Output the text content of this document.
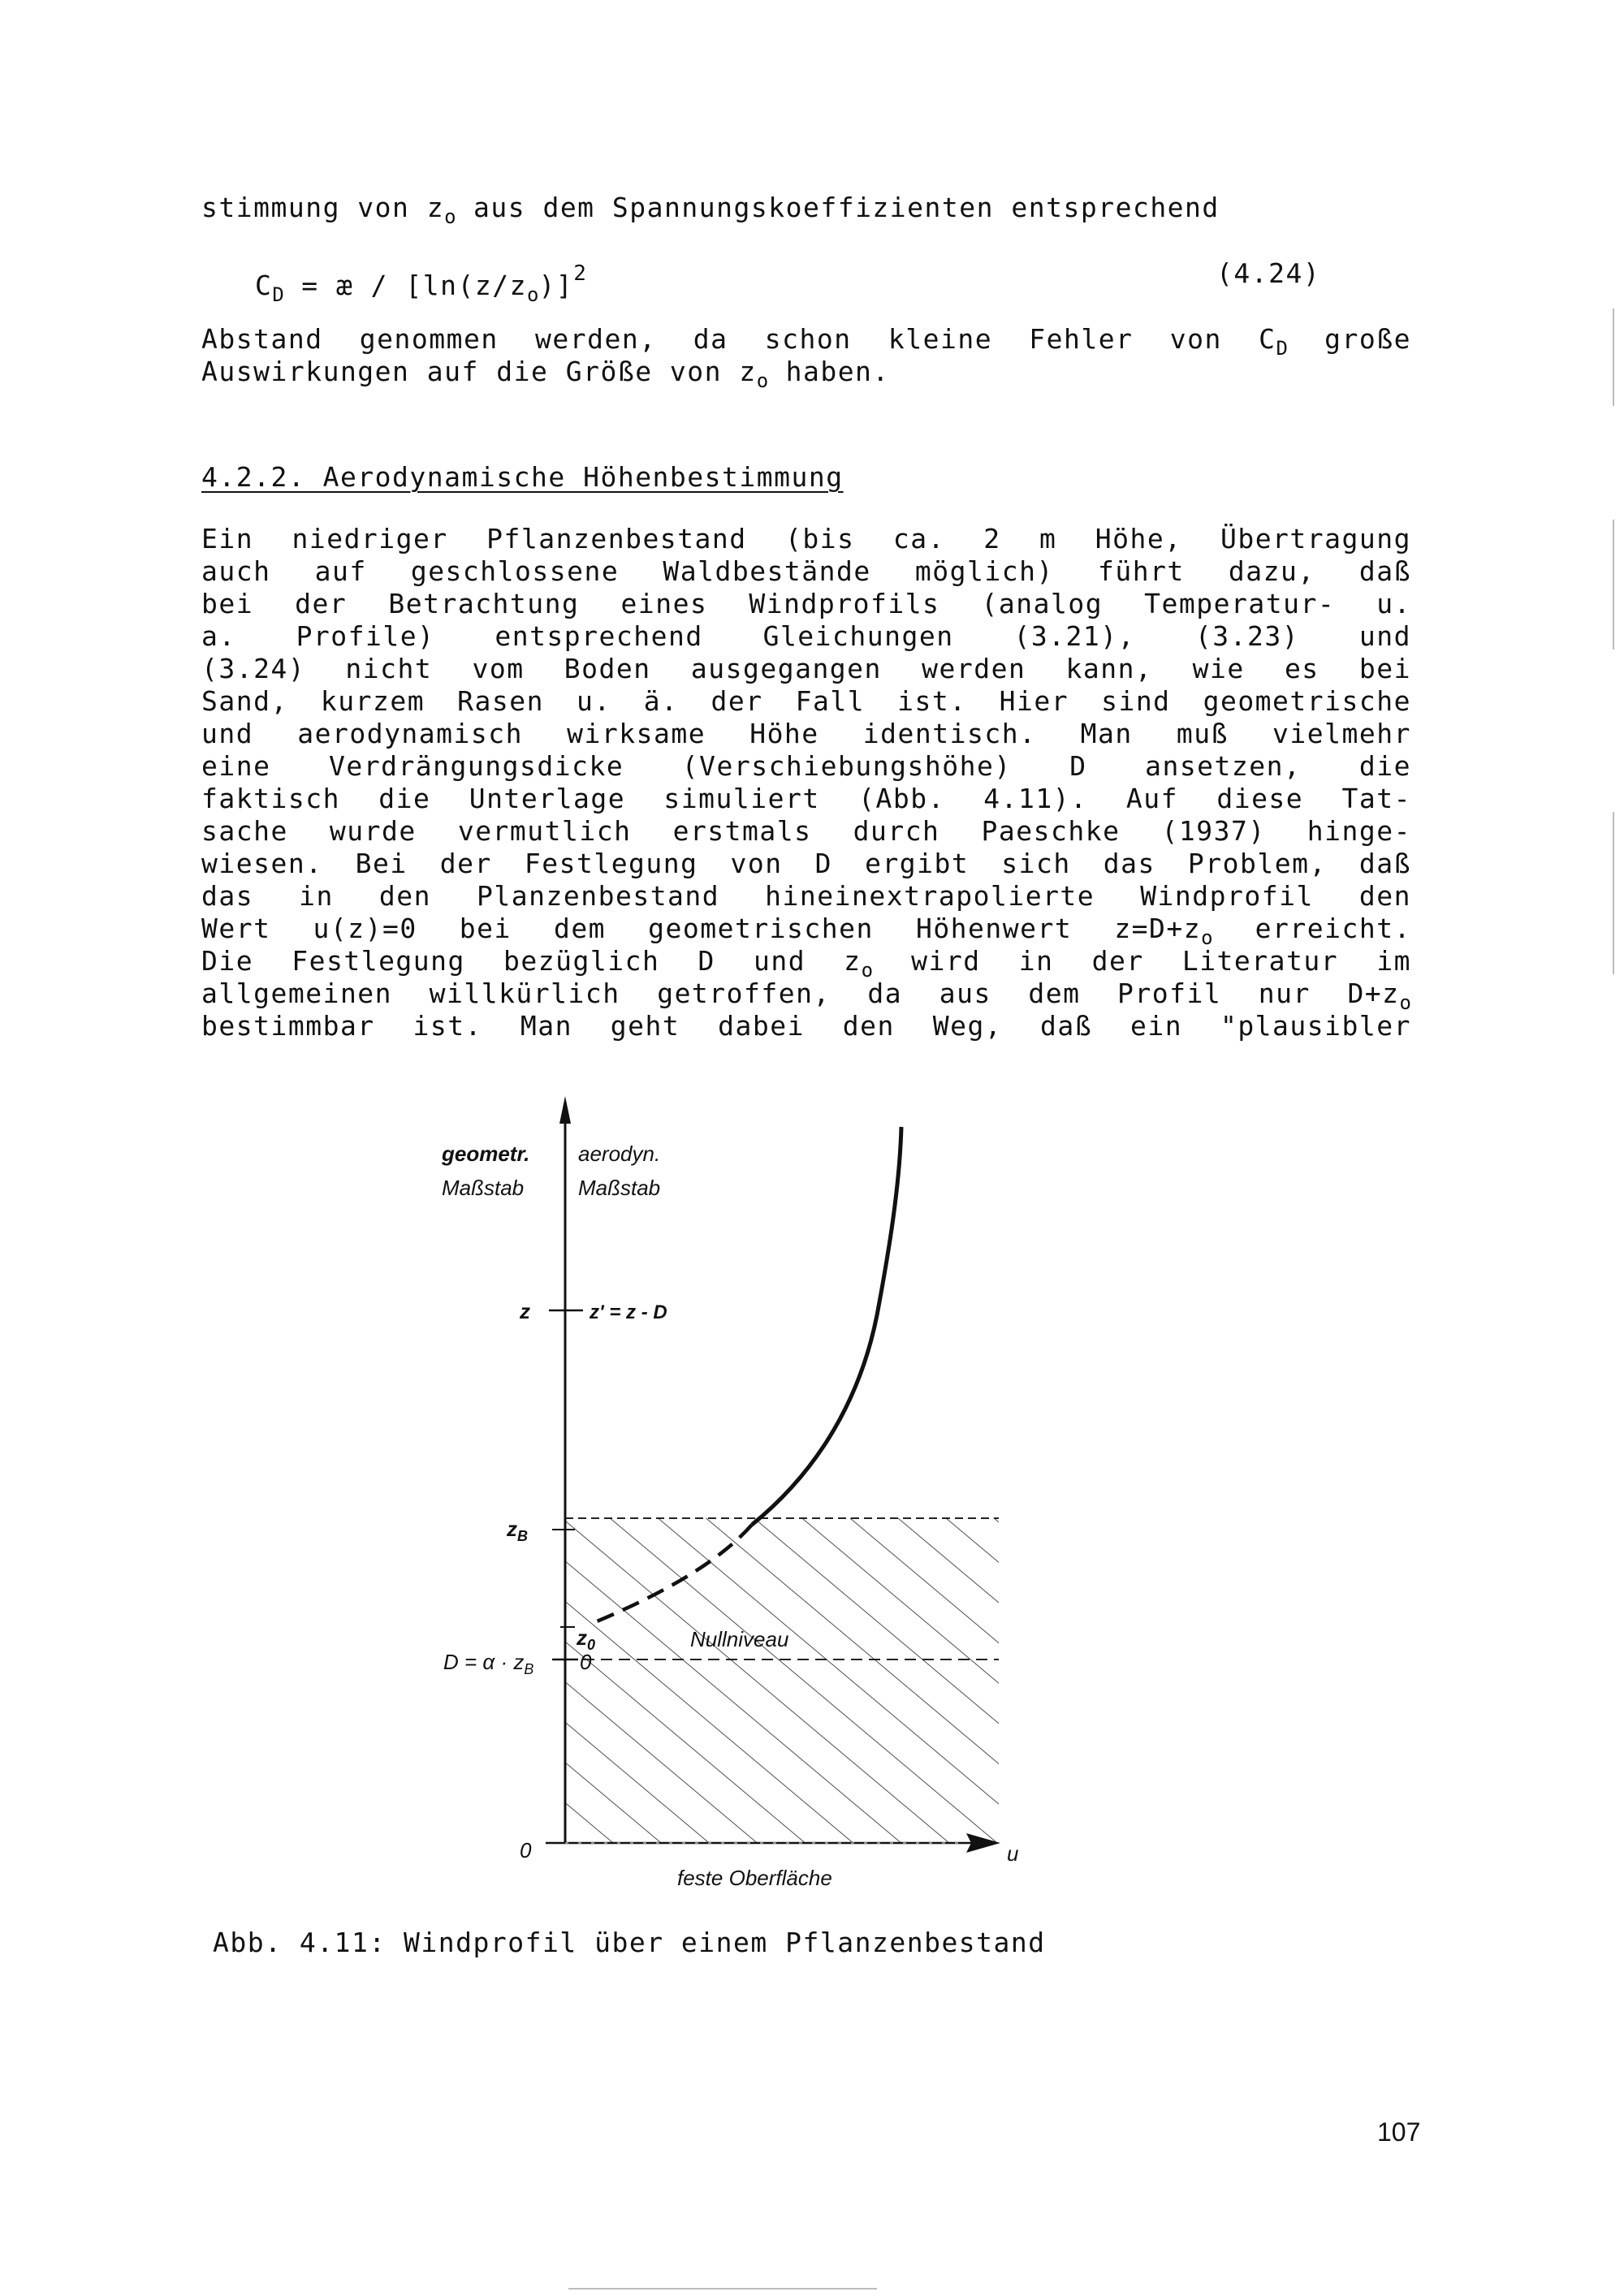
stimmung von $z_o$ aus dem Spannungskoeffizienten entsprechend
$C_D$ = æ / $[\ln(z/z_o)]^2$	(4.24)
Abstand genommen werden, da schon kleine Fehler von $C_D$ große
Auswirkungen auf die Größe von $z_o$ haben.
4.2.2. Aerodynamische Höhenbestimmung
Ein niedriger Pflanzenbestand (bis ca. 2 m Höhe, Übertragung
auch auf geschlossene Waldbestände möglich) führt dazu, daß
bei der Betrachtung eines Windprofils (analog Temperatur- u.
a. Profile) entsprechend Gleichungen (3.21), (3.23) und
(3.24) nicht vom Boden ausgegangen werden kann, wie es bei
Sand, kurzem Rasen u. ä. der Fall ist. Hier sind geometrische
und aerodynamisch wirksame Höhe identisch. Man muß vielmehr
eine Verdrängungsdicke (Verschiebungshöhe) D ansetzen, die
faktisch die Unterlage simuliert (Abb. 4.11). Auf diese Tat-
sache wurde vermutlich erstmals durch Paeschke (1937) hinge-
wiesen. Bei der Festlegung von D ergibt sich das Problem, daß
das in den Planzenbestand hineinextrapolierte Windprofil den
Wert u(z)=0 bei dem geometrischen Höhenwert $z=D+z_o$ erreicht.
Die Festlegung bezüglich D und $z_o$ wird in der Literatur im
allgemeinen willkürlich getroffen, da aus dem Profil nur $D+z_o$
bestimmbar ist. Man geht dabei den Weg, daß ein "plausibler
geometr.
Maßstab
aerodyn.
Maßstab
z	z' = z - D
$z_B$
$z_0$
$D = \alpha \cdot z_B$ 0
Nullniveau
0	u
feste Oberfläche
Abb. 4.11: Windprofil über einem Pflanzenbestand
107
